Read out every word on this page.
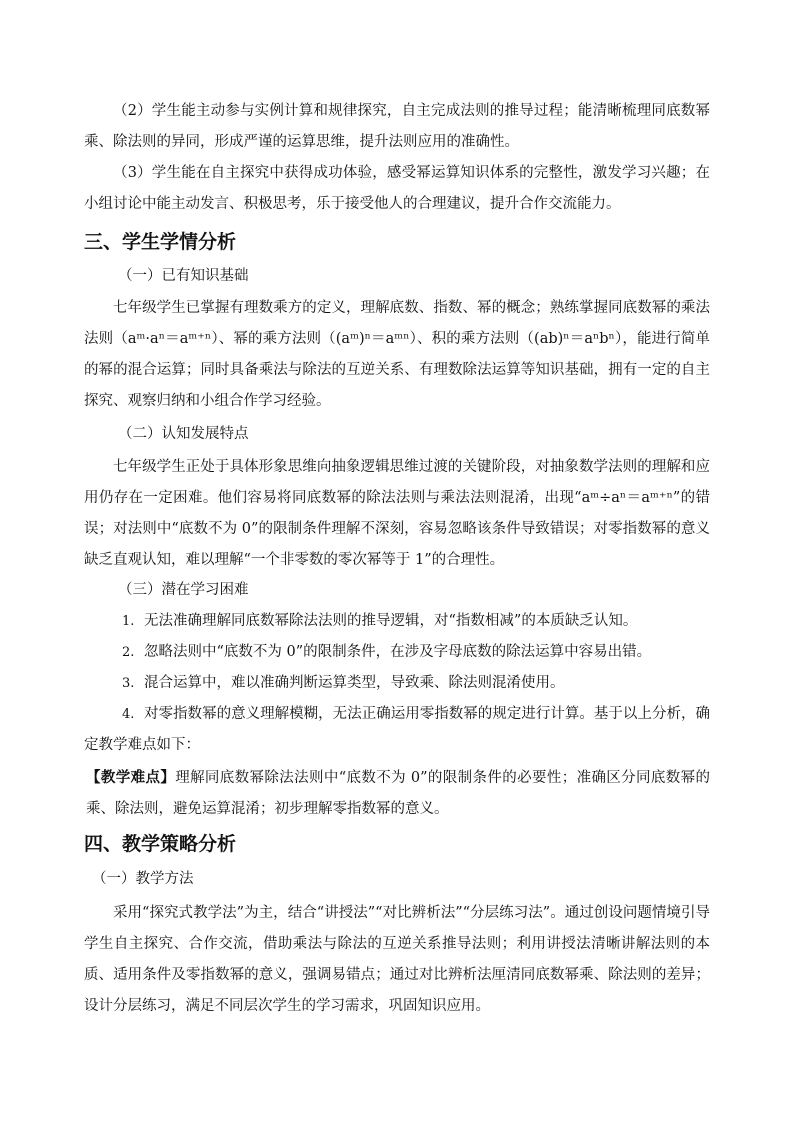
（2）学生能主动参与实例计算和规律探究，自主完成法则的推导过程；能清晰梳理同底数幂乘、除法则的异同，形成严谨的运算思维，提升法则应用的准确性。

（3）学生能在自主探究中获得成功体验，感受幂运算知识体系的完整性，激发学习兴趣；在小组讨论中能主动发言、积极思考，乐于接受他人的合理建议，提升合作交流能力。

三、学生学情分析

（一）已有知识基础

七年级学生已掌握有理数乘方的定义，理解底数、指数、幂的概念；熟练掌握同底数幂的乘法法则（aᵐ·aⁿ＝aᵐ⁺ⁿ）、幂的乘方法则（(aᵐ)ⁿ＝aᵐⁿ）、积的乘方法则（(ab)ⁿ＝aⁿbⁿ），能进行简单的幂的混合运算；同时具备乘法与除法的互逆关系、有理数除法运算等知识基础，拥有一定的自主探究、观察归纳和小组合作学习经验。

（二）认知发展特点

七年级学生正处于具体形象思维向抽象逻辑思维过渡的关键阶段，对抽象数学法则的理解和应用仍存在一定困难。他们容易将同底数幂的除法法则与乘法法则混淆，出现“aᵐ÷aⁿ＝aᵐ⁺ⁿ”的错误；对法则中“底数不为 0”的限制条件理解不深刻，容易忽略该条件导致错误；对零指数幂的意义缺乏直观认知，难以理解“一个非零数的零次幂等于 1”的合理性。

（三）潜在学习困难

1. 无法准确理解同底数幂除法法则的推导逻辑，对“指数相减”的本质缺乏认知。

2. 忽略法则中“底数不为 0”的限制条件，在涉及字母底数的除法运算中容易出错。

3. 混合运算中，难以准确判断运算类型，导致乘、除法则混淆使用。

4. 对零指数幂的意义理解模糊，无法正确运用零指数幂的规定进行计算。基于以上分析，确定教学难点如下：

【教学难点】理解同底数幂除法法则中“底数不为 0”的限制条件的必要性；准确区分同底数幂的乘、除法则，避免运算混淆；初步理解零指数幂的意义。

四、教学策略分析

（一）教学方法

采用“探究式教学法”为主，结合“讲授法”“对比辨析法”“分层练习法”。通过创设问题情境引导学生自主探究、合作交流，借助乘法与除法的互逆关系推导法则；利用讲授法清晰讲解法则的本质、适用条件及零指数幂的意义，强调易错点；通过对比辨析法厘清同底数幂乘、除法则的差异；设计分层练习，满足不同层次学生的学习需求，巩固知识应用。
